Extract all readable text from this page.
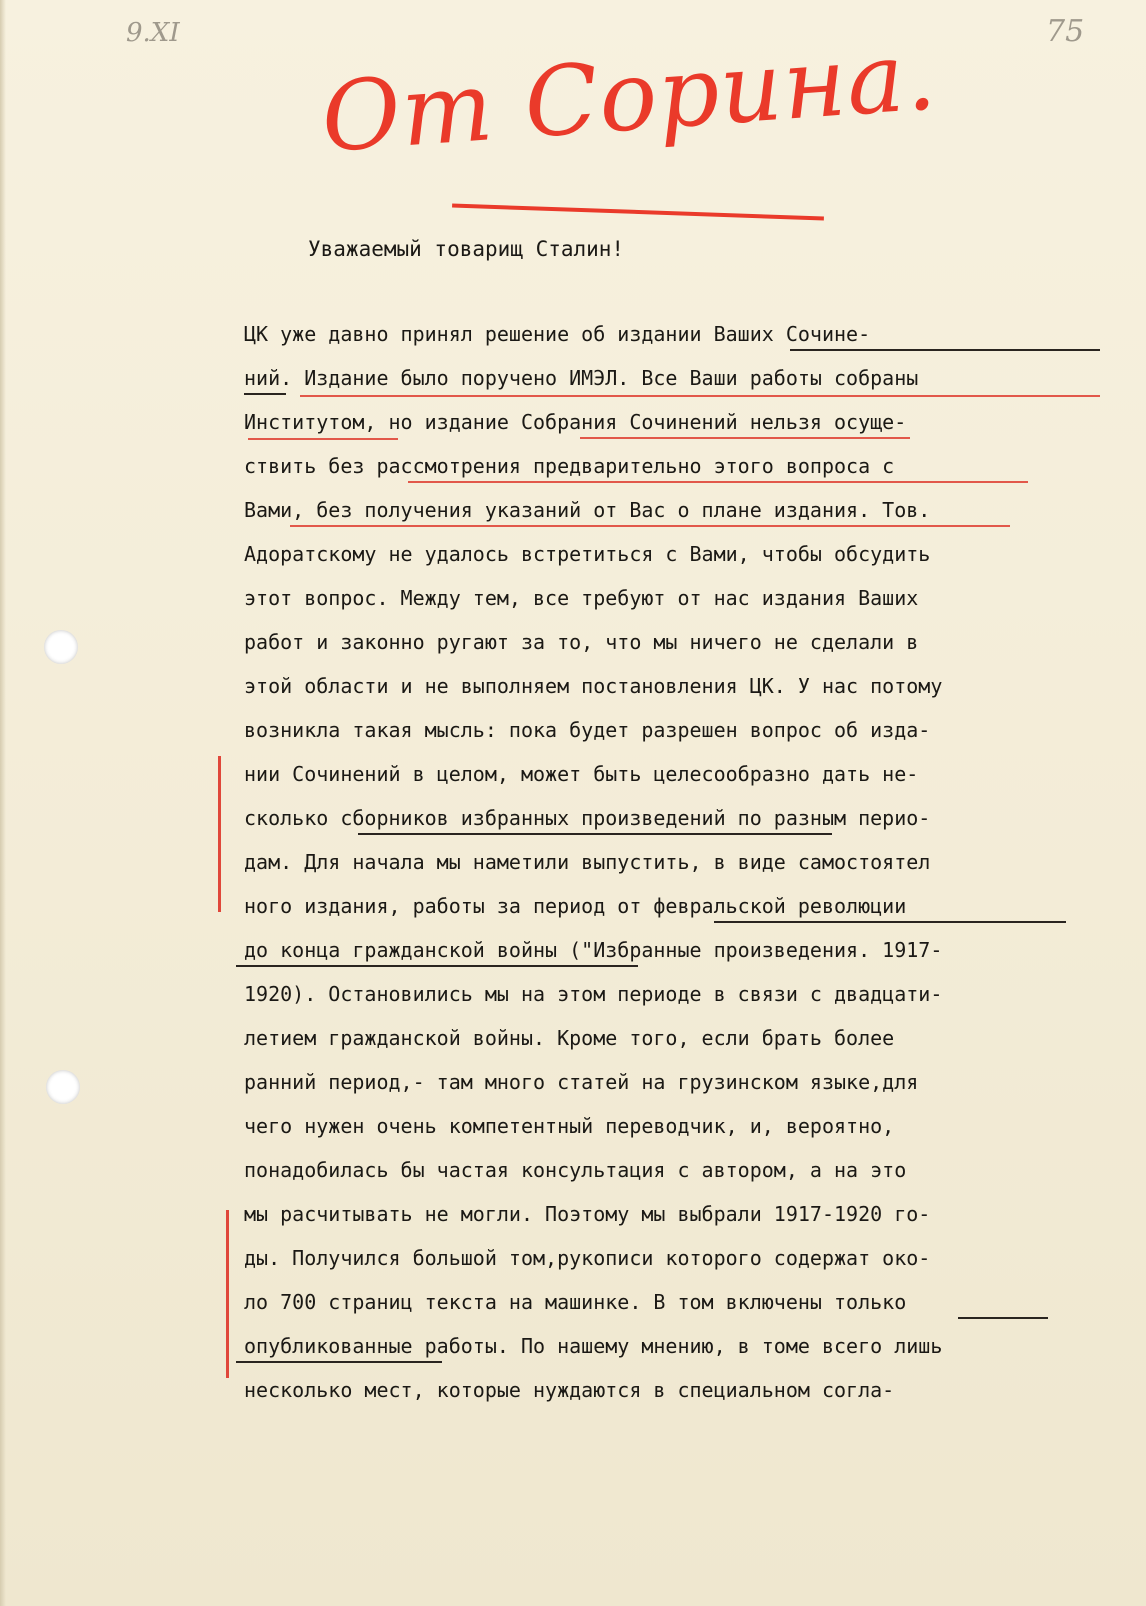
9.XI	75
От Сорина.
Уважаемый товарищ Сталин!
ЦК уже давно принял решение об издании Ваших Сочине-
ний. Издание было поручено ИМЭЛ. Все Ваши работы собраны
Институтом, но издание Собрания Сочинений нельзя осуще-
ствить без рассмотрения предварительно этого вопроса с
Вами, без получения указаний от Вас о плане издания. Тов.
Адоратскому не удалось встретиться с Вами, чтобы обсудить
этот вопрос. Между тем, все требуют от нас издания Ваших
работ и законно ругают за то, что мы ничего не сделали в
этой области и не выполняем постановления ЦК. У нас потому
возникла такая мысль: пока будет разрешен вопрос об изда-
нии Сочинений в целом, может быть целесообразно дать не-
сколько сборников избранных произведений по разным перио-
дам. Для начала мы наметили выпустить, в виде самостоятел
ного издания, работы за период от февральской революции
до конца гражданской войны ("Избранные произведения. 1917-
1920). Остановились мы на этом периоде в связи с двадцати-
летием гражданской войны. Кроме того, если брать более
ранний период,- там много статей на грузинском языке,для
чего нужен очень компетентный переводчик, и, вероятно,
понадобилась бы частая консультация с автором, а на это
мы расчитывать не могли. Поэтому мы выбрали 1917-1920 го-
ды. Получился большой том,рукописи которого содержат око-
ло 700 страниц текста на машинке. В том включены только
опубликованные работы. По нашему мнению, в томе всего лишь
несколько мест, которые нуждаются в специальном согла-
